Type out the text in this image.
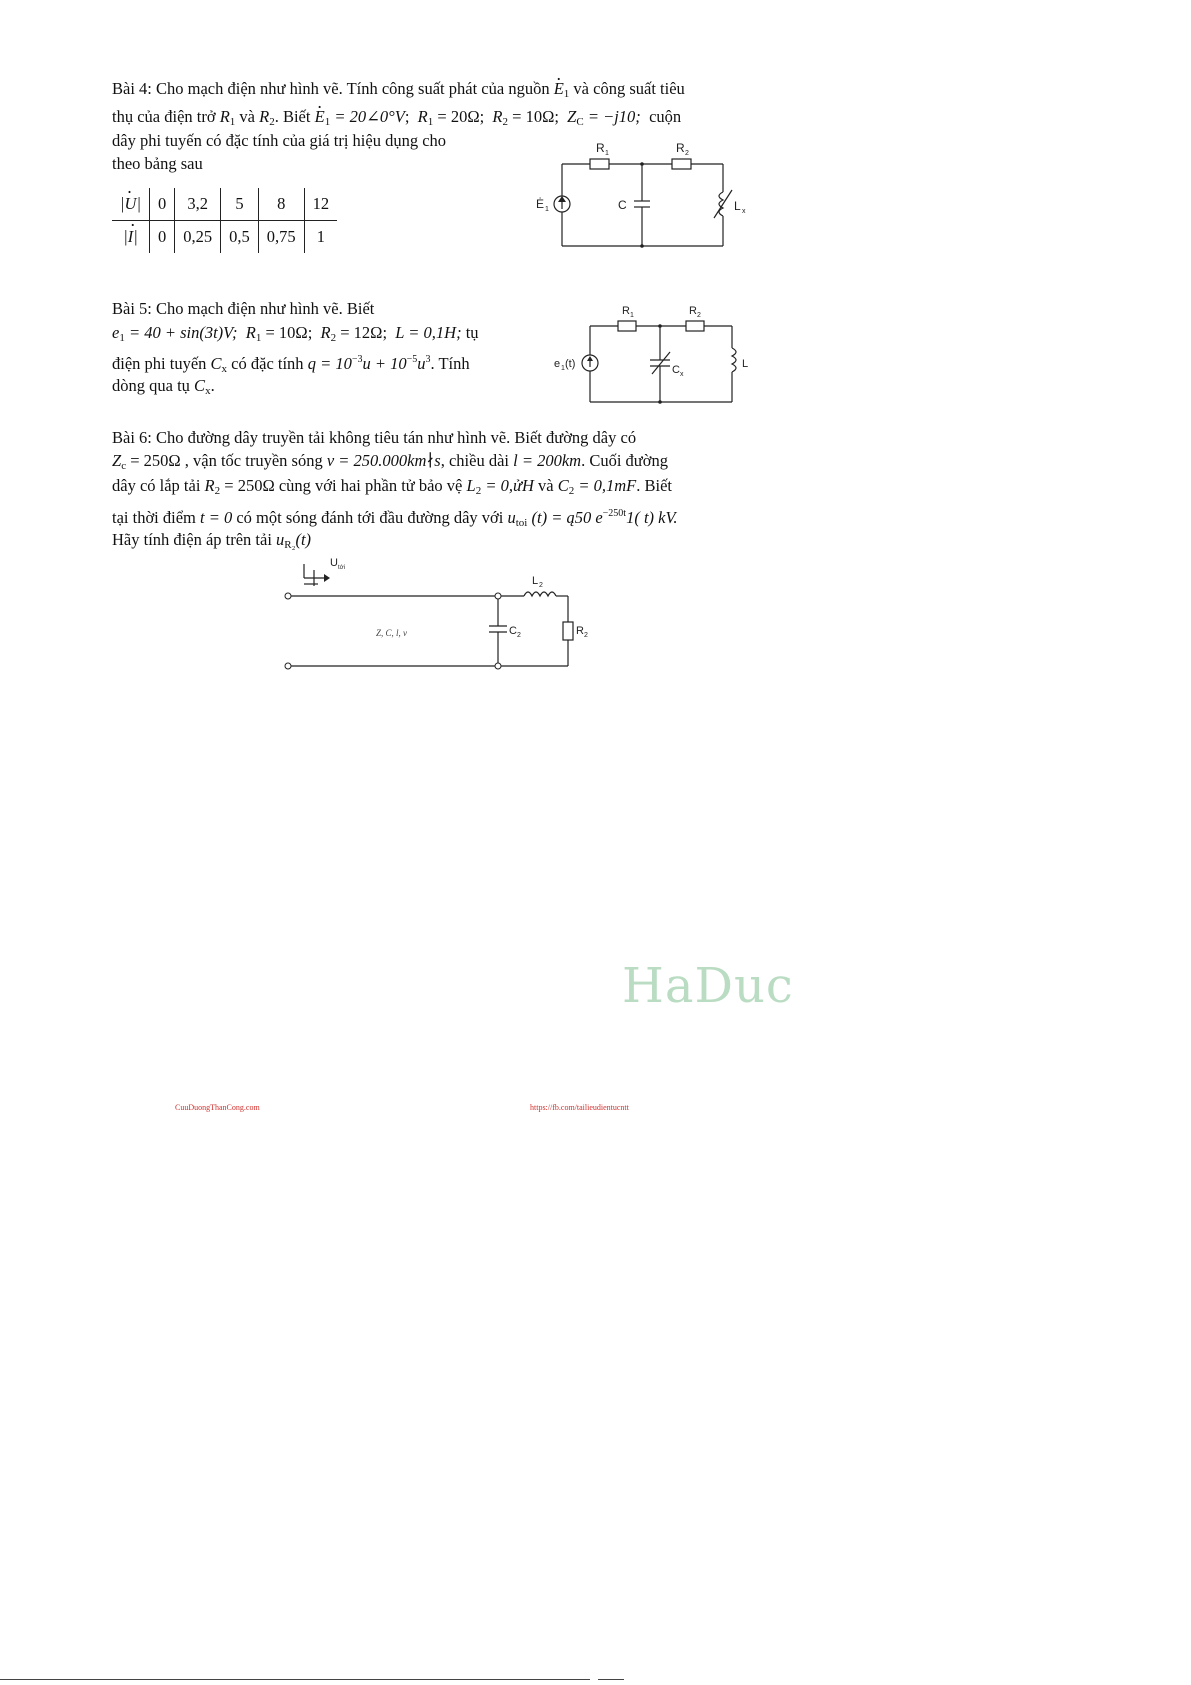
Bài 4: Cho mạch điện như hình vẽ. Tính công suất phát của nguồn · $E_1$ và công suất tiêu
thụ của điện trở $R_1$ và $R_2$. Biết · $E_1$ = 20∠0°V;  $R_1 = 20\Omega$; $R_2 = 10\Omega$; $Z_C = -j10$; cuộn
dây phi tuyến có đặc tính của giá trị hiệu dụng cho
theo bảng sau
|· U|	0	3,2	5	8	12
|· I|	0	0,25	0,5	0,75	1
R 1	R 2
Ė 1	C	L x
Bài 5: Cho mạch điện như hình vẽ. Biết
$e_1 = 40 + \sin(3t)V$; $R_1 = 10\Omega$; $R_2 = 12\Omega$; L = 0,1H; tụ
điện phi tuyến $C_x$ có đặc tính $q = 10^{-3}u + 10^{-5}u^3$. Tính
dòng qua tụ $C_x$.
R 1	R 2
e 1 (t)	C x
L
Bài 6: Cho đường dây truyền tải không tiêu tán như hình vẽ. Biết đường dây có
$Z_c = 250\Omega$ , vận tốc truyền sóng v = 250.000km∤s, chiều dài l = 200km. Cuối đường
dây có lắp tải $R_2 = 250\Omega$ cùng với hai phần tử bảo vệ $L_2$ = 0,ửH và $C_2 = 0,1mF$. Biết
tại thời điểm t = 0 có một sóng đánh tới đầu đường dây với $u_{toi}$ (t) = ą50 $e^{-250t}1$( t) kV.
Hãy tính điện áp trên tải $u_{R_2}(t)$
U tới
L 2
C 2	R 2
Z, C, l, v
HaDuc
CuuDuongThanCong.com	https://fb.com/tailieudientucntt
